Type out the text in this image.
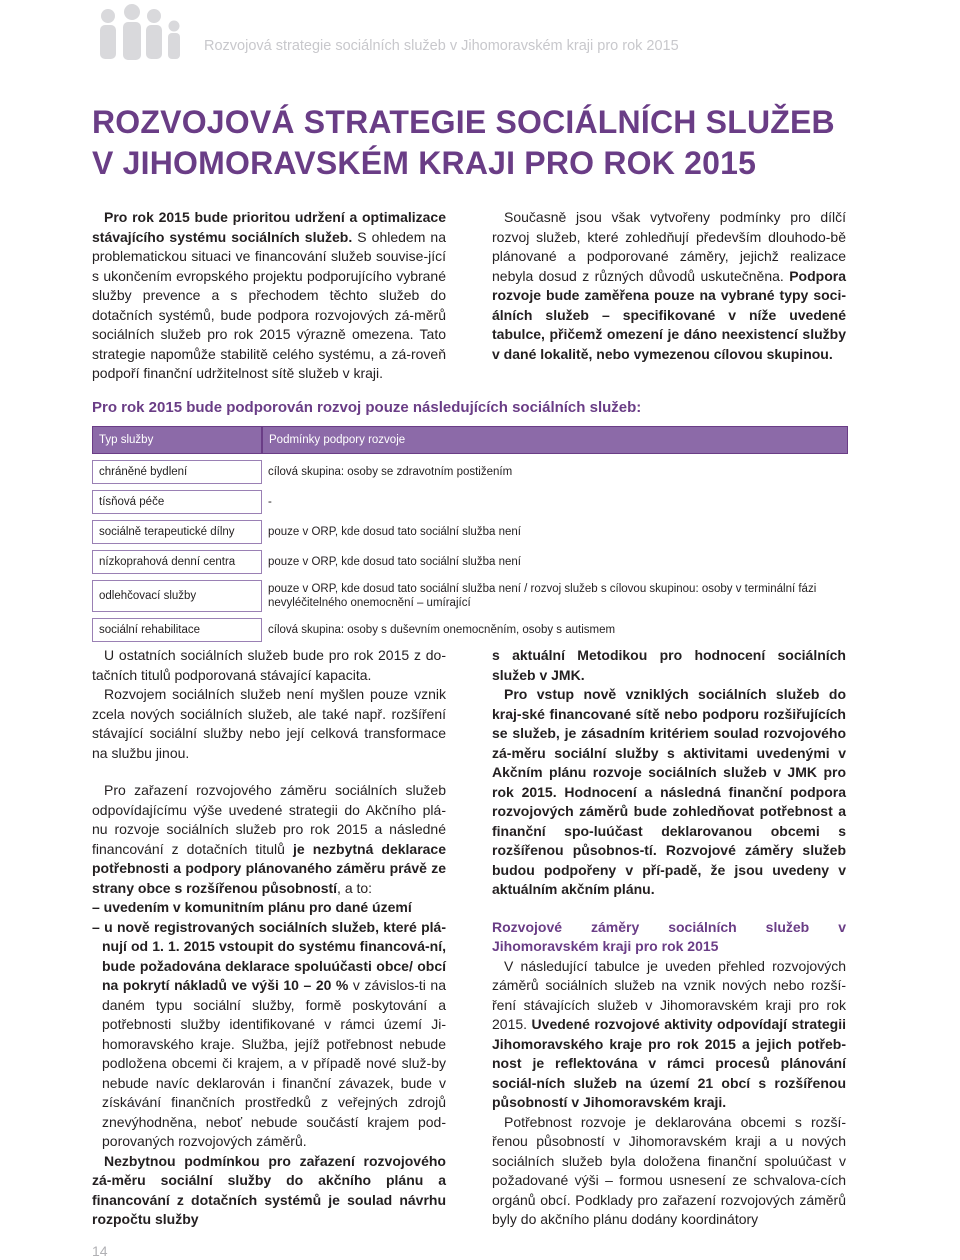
Rozvojová strategie sociálních služeb v Jihomoravském kraji pro rok 2015
ROZVOJOVÁ STRATEGIE SOCIÁLNÍCH SLUŽEB
V JIHOMORAVSKÉM KRAJI PRO ROK 2015

Pro rok 2015 bude prioritou udržení a optimalizace stávajícího systému sociálních služeb. S ohledem na problematickou situaci ve financování služeb souvise-jící s ukončením evropského projektu podporujícího vybrané služby prevence a s přechodem těchto služeb do dotačních systémů, bude podpora rozvojových zá-měrů sociálních služeb pro rok 2015 výrazně omezena. Tato strategie napomůže stabilitě celého systému, a zá-roveň podpoří finanční udržitelnost sítě služeb v kraji.

Současně jsou však vytvořeny podmínky pro dílčí rozvoj služeb, které zohledňují především dlouhodo-bě plánované a podporované záměry, jejichž realizace nebyla dosud z různých důvodů uskutečněna. Podpora rozvoje bude zaměřena pouze na vybrané typy soci-álních služeb – specifikované v níže uvedené tabulce, přičemž omezení je dáno neexistencí služby v dané lokalitě, nebo vymezenou cílovou skupinou.

Pro rok 2015 bude podporován rozvoj pouze následujících sociálních služeb:
Typ služby	Podmínky podpory rozvoje
chráněné bydlení	cílová skupina: osoby se zdravotním postižením
tísňová péče	-
sociálně terapeutické dílny	pouze v ORP, kde dosud tato sociální služba není
nízkoprahová denní centra	pouze v ORP, kde dosud tato sociální služba není
odlehčovací služby	pouze v ORP, kde dosud tato sociální služba není / rozvoj služeb s cílovou skupinou: osoby v terminální fázi nevyléčitelného onemocnění – umírající
sociální rehabilitace	cílová skupina: osoby s duševním onemocněním, osoby s autismem

U ostatních sociálních služeb bude pro rok 2015 z do-tačních titulů podporovaná stávající kapacita.

Rozvojem sociálních služeb není myšlen pouze vznik zcela nových sociálních služeb, ale také např. rozšíření stávající sociální služby nebo její celková transformace na službu jinou.

Pro zařazení rozvojového záměru sociálních služeb odpovídajícímu výše uvedené strategii do Akčního plá-nu rozvoje sociálních služeb pro rok 2015 a následné financování z dotačních titulů je nezbytná deklarace potřebnosti a podpory plánovaného záměru právě ze strany obce s rozšířenou působností, a to:

– uvedením v komunitním plánu pro dané území

– u nově registrovaných sociálních služeb, které plá-nují od 1. 1. 2015 vstoupit do systému financová-ní, bude požadována deklarace spoluúčasti obce/ obcí na pokrytí nákladů ve výši 10 – 20 % v závislos-ti na daném typu sociální služby, formě poskytování a potřebnosti služby identifikované v rámci území Ji-homoravského kraje. Služba, jejíž potřebnost nebude podložena obcemi či krajem, a v případě nové služ-by nebude navíc deklarován i finanční závazek, bude v získávání finančních prostředků z veřejných zdrojů znevýhodněna, neboť nebude součástí krajem pod-porovaných rozvojových záměrů.

Nezbytnou podmínkou pro zařazení rozvojového zá-měru sociální služby do akčního plánu a financování z dotačních systémů je soulad návrhu rozpočtu služby

s aktuální Metodikou pro hodnocení sociálních služeb v JMK.

Pro vstup nově vzniklých sociálních služeb do kraj-ské financované sítě nebo podporu rozšiřujících se služeb, je zásadním kritériem soulad rozvojového zá-měru sociální služby s aktivitami uvedenými v Akčním plánu rozvoje sociálních služeb v JMK pro rok 2015. Hodnocení a následná finanční podpora rozvojových záměrů bude zohledňovat potřebnost a finanční spo-luúčast deklarovanou obcemi s rozšířenou působnos-tí. Rozvojové záměry služeb budou podpořeny v pří-padě, že jsou uvedeny v aktuálním akčním plánu.

Rozvojové záměry sociálních služeb v Jihomoravském kraji pro rok 2015

V následující tabulce je uveden přehled rozvojových záměrů sociálních služeb na vznik nových nebo rozší-ření stávajících služeb v Jihomoravském kraji pro rok 2015. Uvedené rozvojové aktivity odpovídají strategii Jihomoravského kraje pro rok 2015 a jejich potřeb-nost je reflektována v rámci procesů plánování sociál-ních služeb na území 21 obcí s rozšířenou působností v Jihomoravském kraji.

Potřebnost rozvoje je deklarována obcemi s rozší-řenou působností v Jihomoravském kraji a u nových sociálních služeb byla doložena finanční spoluúčast v požadované výši – formou usnesení ze schvalova-cích orgánů obcí. Podklady pro zařazení rozvojových záměrů byly do akčního plánu dodány koordinátory

14
